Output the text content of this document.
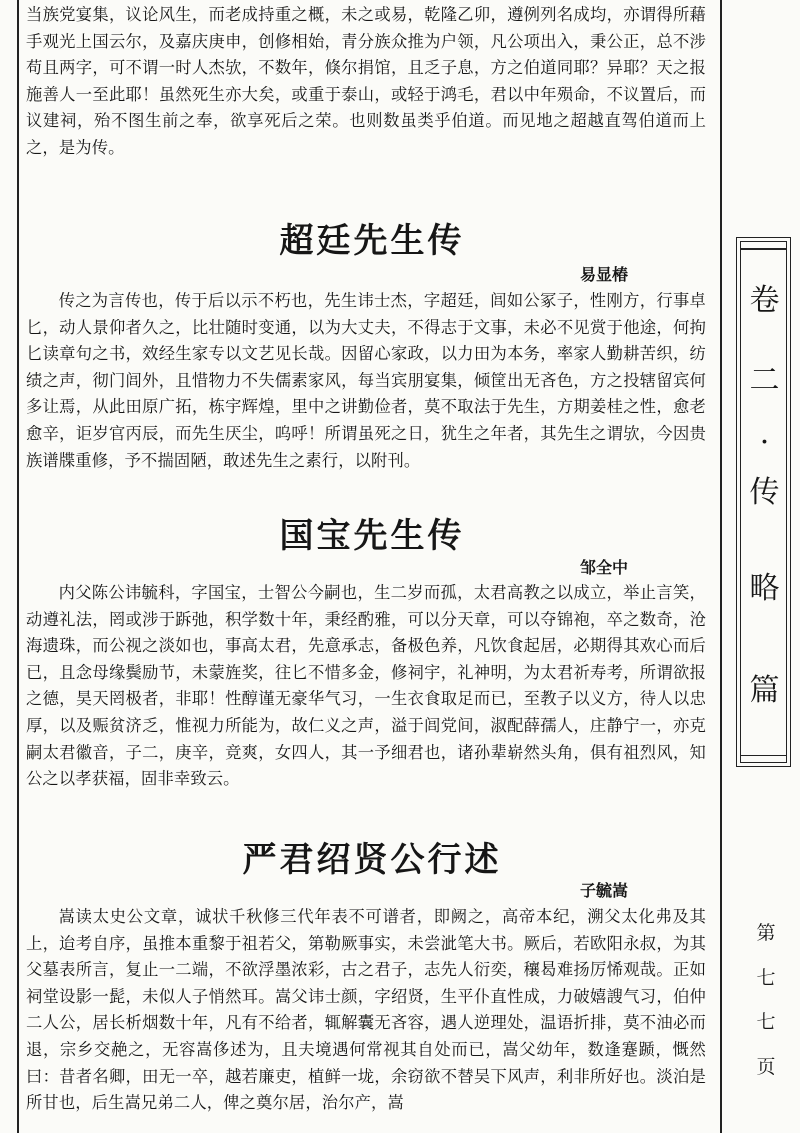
当族党宴集，议论风生，而老成持重之概，未之或易，乾隆乙卯，遵例列名成均，亦谓得所藉手观光上国云尔，及嘉庆庚申，创修相始，青分族众推为户领，凡公项出入，秉公正，总不涉苟且两字，可不谓一时人杰欤，不数年，倏尔捐馆，且乏子息，方之伯道同耶？异耶？天之报施善人一至此耶！虽然死生亦大矣，或重于泰山，或轻于鸿毛，君以中年殒命，不议置后，而议建祠，殆不图生前之奉，欲享死后之荣。也则数虽类乎伯道。而见地之超越直驾伯道而上之，是为传。

超廷先生传

易显椿

传之为言传也，传于后以示不朽也，先生讳士杰，字超廷，闾如公冢子，性刚方，行事卓匕，动人景仰者久之，比壮随时变通，以为大丈夫，不得志于文事，未必不见赏于他途，何拘匕读章句之书，效经生家专以文艺见长哉。因留心家政，以力田为本务，率家人勤耕苦织，纺绩之声，彻门闾外，且惜物力不失儒素家风，每当宾朋宴集，倾筐出无吝色，方之投辖留宾何多让焉，从此田原广拓，栋宇辉煌，里中之讲勤俭者，莫不取法于先生，方期姜桂之性，愈老愈辛，讵岁官丙辰，而先生厌尘，呜呼！所谓虽死之日，犹生之年者，其先生之谓欤，今因贵族谱牒重修，予不揣固陋，敢述先生之素行，以附刊。

国宝先生传

邹全中

内父陈公讳毓科，字国宝，士智公今嗣也，生二岁而孤，太君高教之以成立，举止言笑，动遵礼法，罔或涉于跅弛，积学数十年，秉经酌雅，可以分天章，可以夺锦袍，卒之数奇，沧海遗珠，而公视之淡如也，事高太君，先意承志，备极色养，凡饮食起居，必期得其欢心而后已，且念母缘鬓励节，未蒙旌奖，往匕不惜多金，修祠宇，礼神明，为太君祈寿考，所谓欲报之德，昊天罔极者，非耶！性醇谨无豪华气习，一生衣食取足而已，至教子以义方，待人以忠厚，以及赈贫济乏，惟视力所能为，故仁义之声，溢于闾党间，淑配薛孺人，庄静宁一，亦克嗣太君徽音，子二，庚辛，竞爽，女四人，其一予细君也，诸孙辈崭然头角，俱有祖烈风，知公之以孝获福，固非幸致云。

严君绍贤公行述

子毓嵩

嵩读太史公文章，诚状千秋修三代年表不可谱者，即阙之，高帝本纪，溯父太化弗及其上，迨考自序，虽推本重黎于祖若父，第勒厥事实，未尝泚笔大书。厥后，若欧阳永叔，为其父墓表所言，复止一二端，不欲浮墨浓彩，古之君子，志先人衍奕，穰曷难扬厉悕观哉。正如祠堂设影一髭，未似人子悄然耳。嵩父讳士颜，字绍贤，生平仆直性成，力破嬉謏气习，伯仲二人公，居长析烟数十年，凡有不给者，辄解囊无吝容，遇人逆理处，温语折排，莫不油必而退，宗乡交赩之，无容嵩侈述为，且夫境遇何常视其自处而已，嵩父幼年，数逢蹇踬，慨然曰：昔者名卿，田无一卒，越若廉吏，植鲜一垅，余窃欲不替吴下风声，利非所好也。淡泊是所甘也，后生嵩兄弟二人，俾之奠尔居，治尔产，嵩

卷
二
·
传
略
篇
第
七
七
页
